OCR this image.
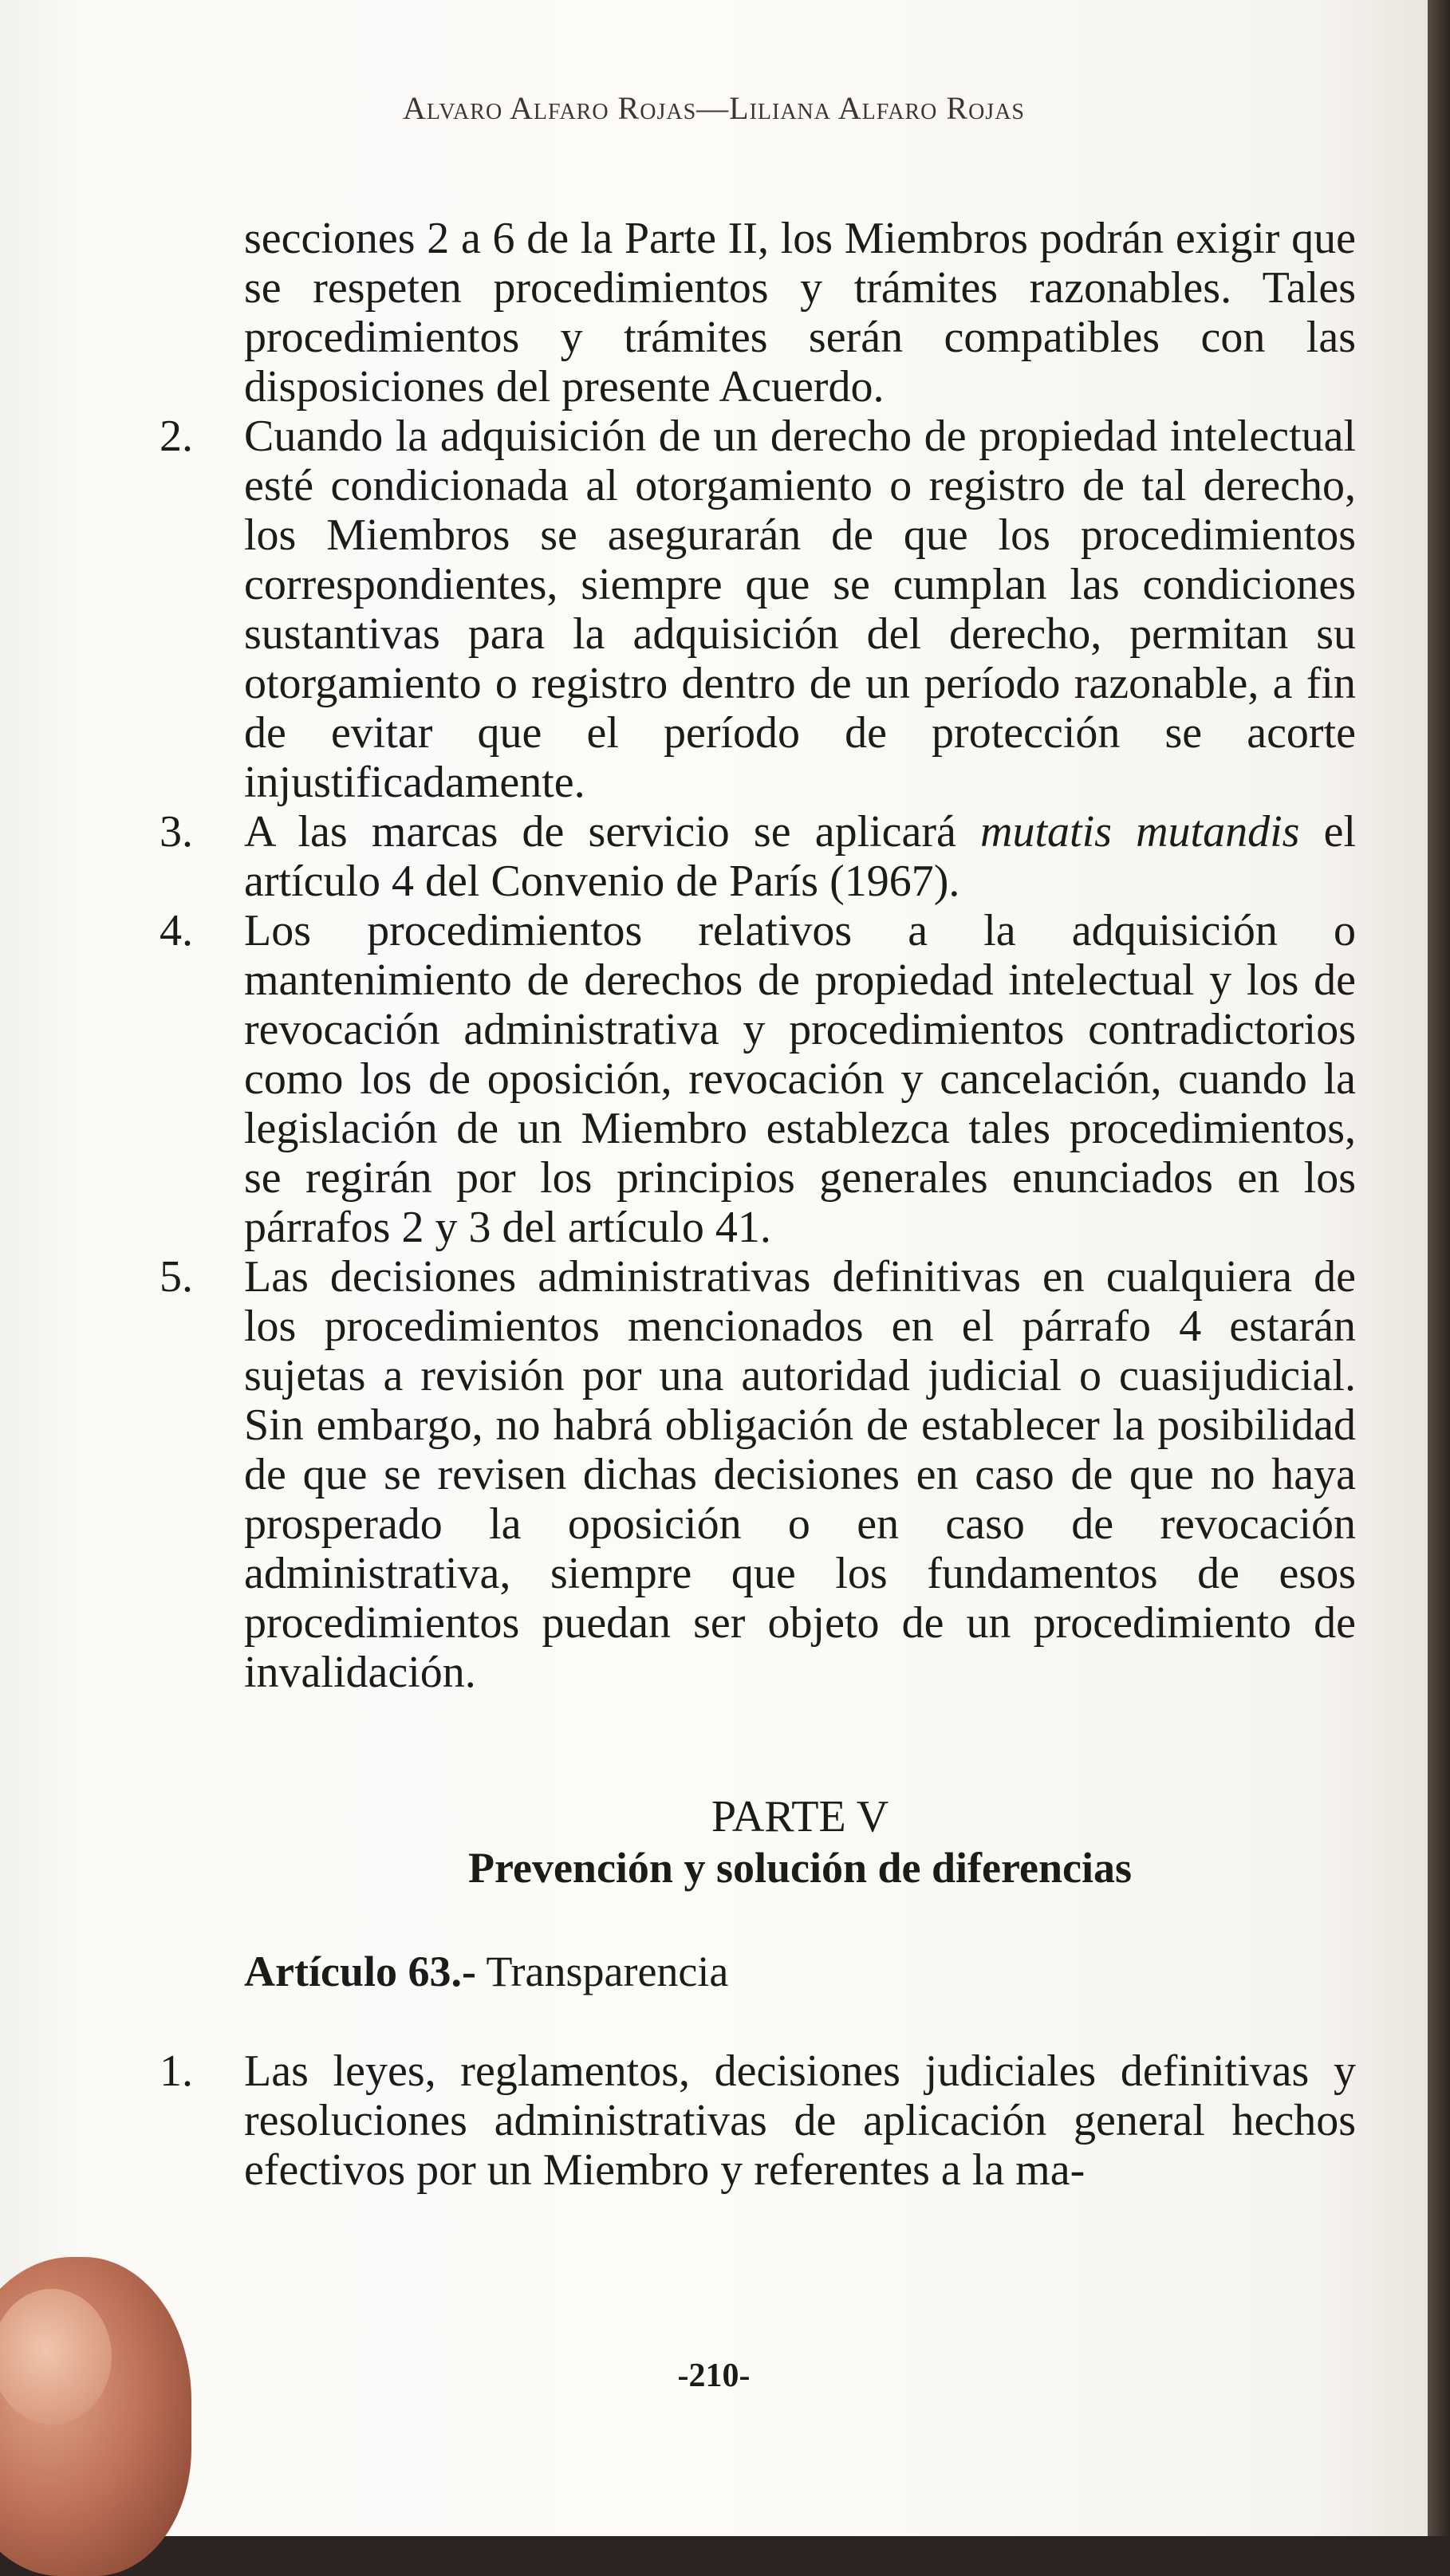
Alvaro Alfaro Rojas—Liliana Alfaro Rojas

secciones 2 a 6 de la Parte II, los Miembros podrán exigir que se respeten procedimientos y trámites razonables. Tales procedimientos y trámites serán compatibles con las disposiciones del presente Acuerdo.

2.	Cuando la adquisición de un derecho de propiedad intelectual esté condicionada al otorgamiento o registro de tal derecho, los Miembros se asegurarán de que los procedimientos correspondientes, siempre que se cumplan las condiciones sustantivas para la adquisición del derecho, permitan su otorgamiento o registro dentro de un período razonable, a fin de evitar que el período de protección se acorte injustificadamente.
3.	A las marcas de servicio se aplicará mutatis mutandis el artículo 4 del Convenio de París (1967).
4.	Los procedimientos relativos a la adquisición o mantenimiento de derechos de propiedad intelectual y los de revocación administrativa y procedimientos contradictorios como los de oposición, revocación y cancelación, cuando la legislación de un Miembro establezca tales procedimientos, se regirán por los principios generales enunciados en los párrafos 2 y 3 del artículo 41.
5.	Las decisiones administrativas definitivas en cualquiera de los procedimientos mencionados en el párrafo 4 estarán sujetas a revisión por una autoridad judicial o cuasijudicial. Sin embargo, no habrá obligación de establecer la posibilidad de que se revisen dichas decisiones en caso de que no haya prosperado la oposición o en caso de revocación administrativa, siempre que los fundamentos de esos procedimientos puedan ser objeto de un procedimiento de invalidación.
PARTE V
Prevención y solución de diferencias
Artículo 63.- Transparencia
1.	Las leyes, reglamentos, decisiones judiciales definitivas y resoluciones administrativas de aplicación general hechos efectivos por un Miembro y referentes a la ma-
-210-
